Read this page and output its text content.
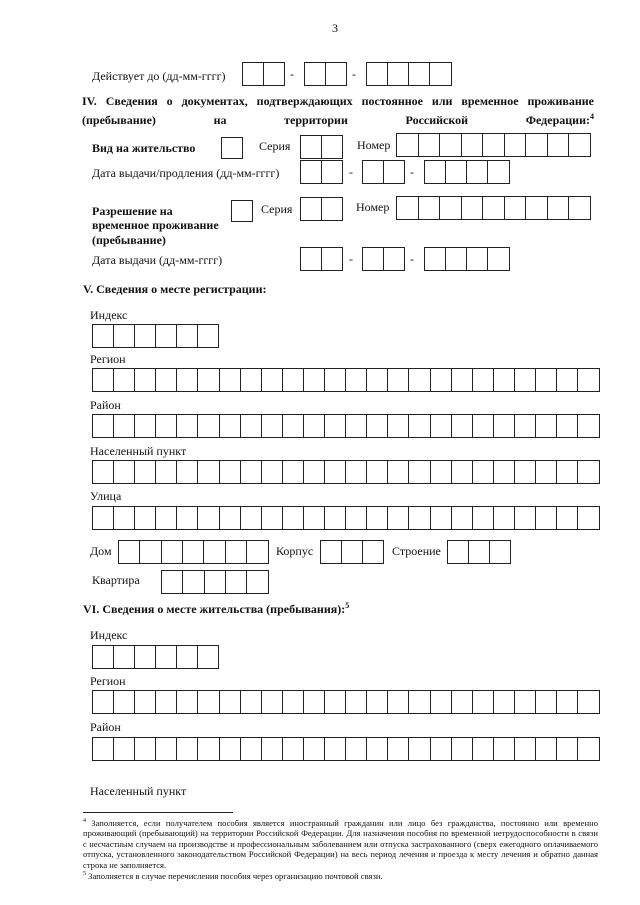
3
Действует до (дд-мм-гггг)	-	-
IV. Сведения о документах, подтверждающих постоянное или временное проживание (пребывание) на территории Российской Федерации:$^4$
Вид на жительство	Серия	Номер
Дата выдачи/продления (дд-мм-гггг)	-	-
Разрешение на
временное проживание
(пребывание)
Серия	Номер
Дата выдачи (дд-мм-гггг)	-	-
V. Сведения о месте регистрации:
Индекс
Регион
Район
Населенный пункт
Улица
Дом	Корпус	Строение
Квартира
VI. Сведения о месте жительства (пребывания):$^5$
Индекс
Регион
Район
Населенный пункт
$^4$ Заполняется, если получателем пособия является иностранный гражданин или лицо без гражданства, постоянно или временно проживающий (пребывающий) на территории Российской Федерации. Для назначения пособия по временной нетрудоспособности в связи с несчастным случаем на производстве и профессиональным заболеванием или отпуска застрахованного (сверх ежегодного оплачиваемого отпуска, установленного законодательством Российской Федерации) на весь период лечения и проезда к месту лечения и обратно данная строка не заполняется.
$^5$ Заполняется в случае перечисления пособия через организацию почтовой связи.
